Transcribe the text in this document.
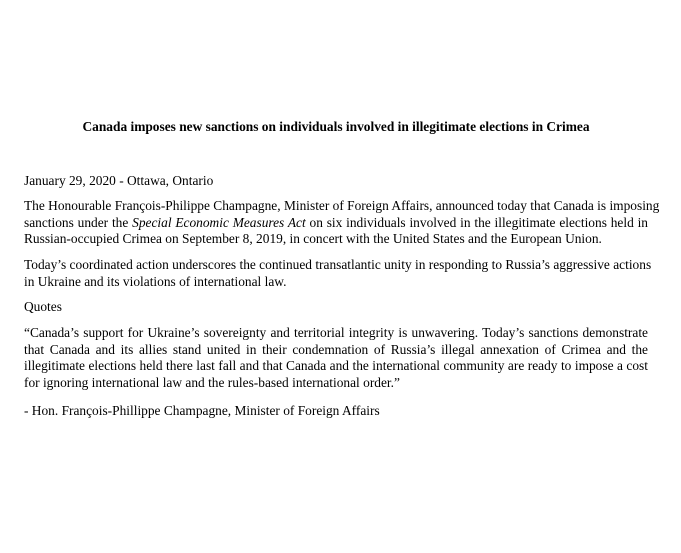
Canada imposes new sanctions on individuals involved in illegitimate elections in Crimea

January 29, 2020 - Ottawa, Ontario

The Honourable François-Philippe Champagne, Minister of Foreign Affairs, announced today that Canada is imposing
sanctions under the Special Economic Measures Act on six individuals involved in the illegitimate elections held in
Russian-occupied Crimea on September 8, 2019, in concert with the United States and the European Union.
Today’s coordinated action underscores the continued transatlantic unity in responding to Russia’s aggressive actions
in Ukraine and its violations of international law.

Quotes

“Canada’s support for Ukraine’s sovereignty and territorial integrity is unwavering. Today’s sanctions demonstrate
that Canada and its allies stand united in their condemnation of Russia’s illegal annexation of Crimea and the
illegitimate elections held there last fall and that Canada and the international community are ready to impose a cost
for ignoring international law and the rules-based international order.”

- Hon. François-Phillippe Champagne, Minister of Foreign Affairs
